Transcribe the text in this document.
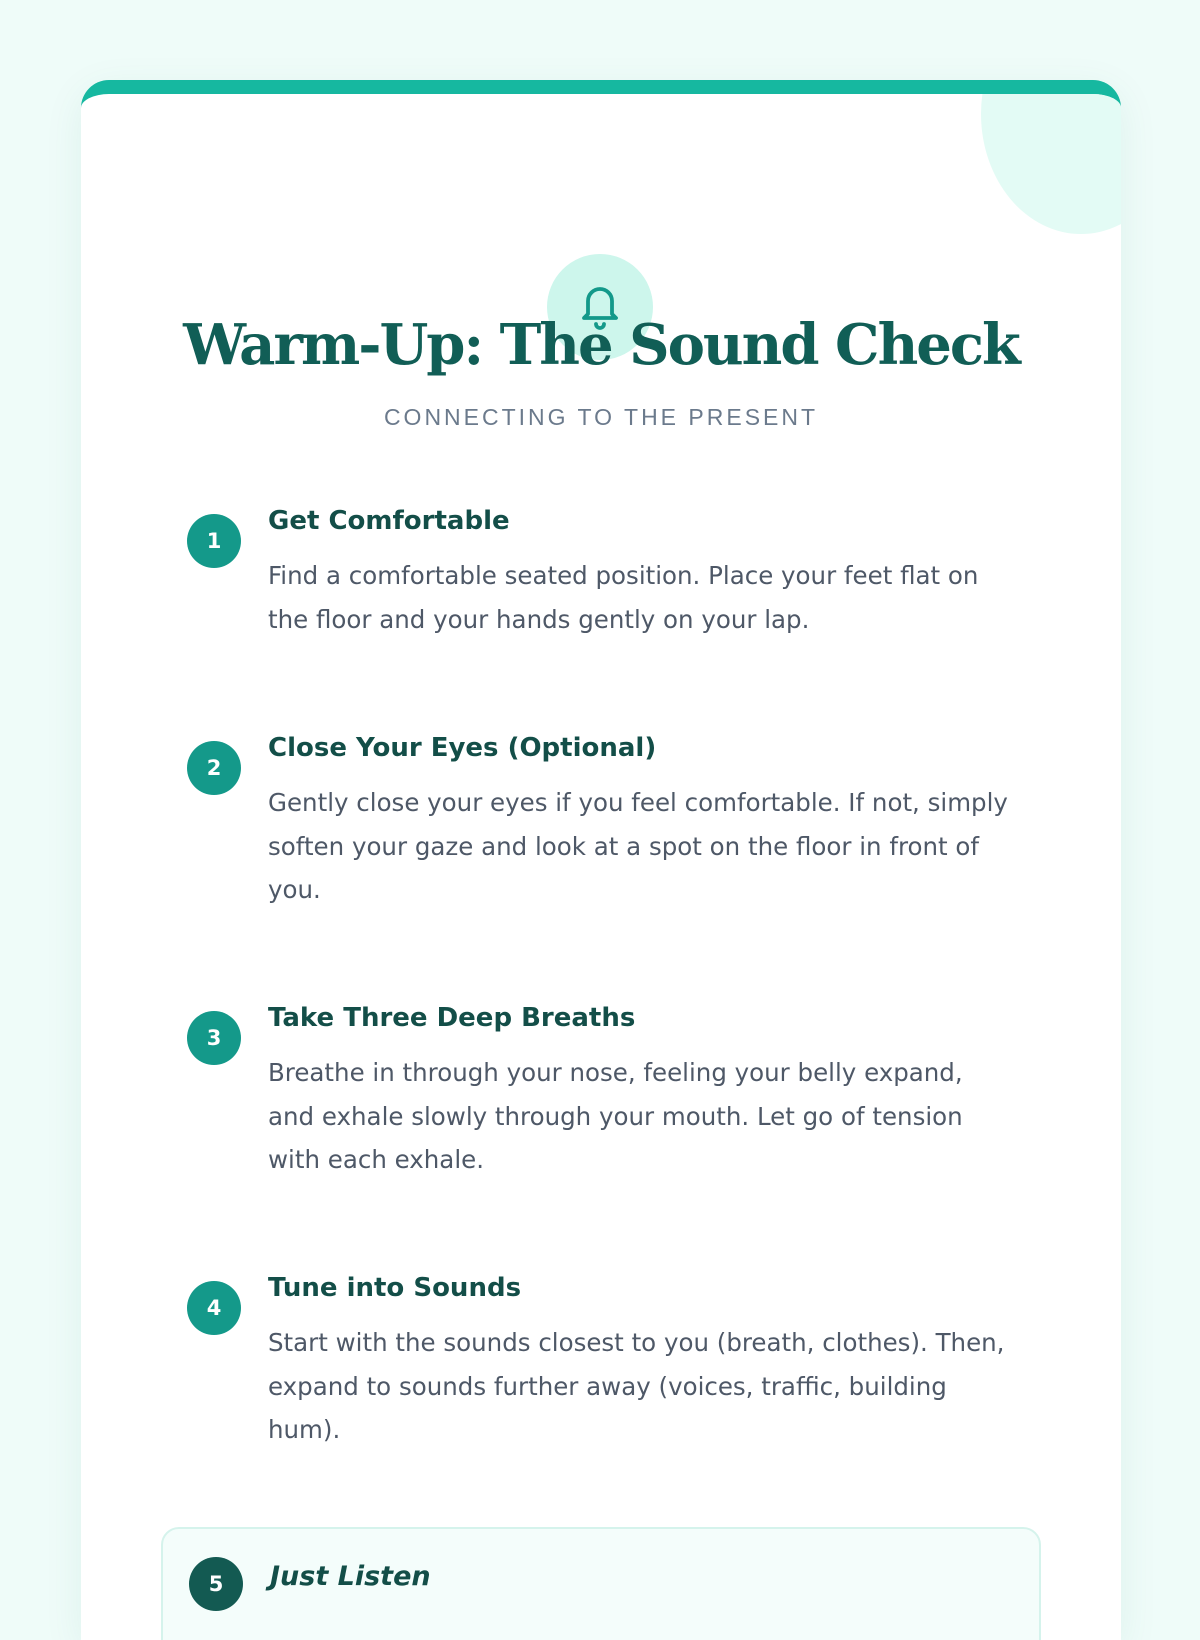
Warm-Up: The Sound Check
CONNECTING TO THE PRESENT
1
Get Comfortable
Find a comfortable seated position. Place your feet flat on the floor and your hands gently on your lap.
2
Close Your Eyes (Optional)
Gently close your eyes if you feel comfortable. If not, simply soften your gaze and look at a spot on the floor in front of you.
3
Take Three Deep Breaths
Breathe in through your nose, feeling your belly expand, and exhale slowly through your mouth. Let go of tension with each exhale.
4
Tune into Sounds
Start with the sounds closest to you (breath, clothes). Then, expand to sounds further away (voices, traffic, building hum).
5	Just Listen
